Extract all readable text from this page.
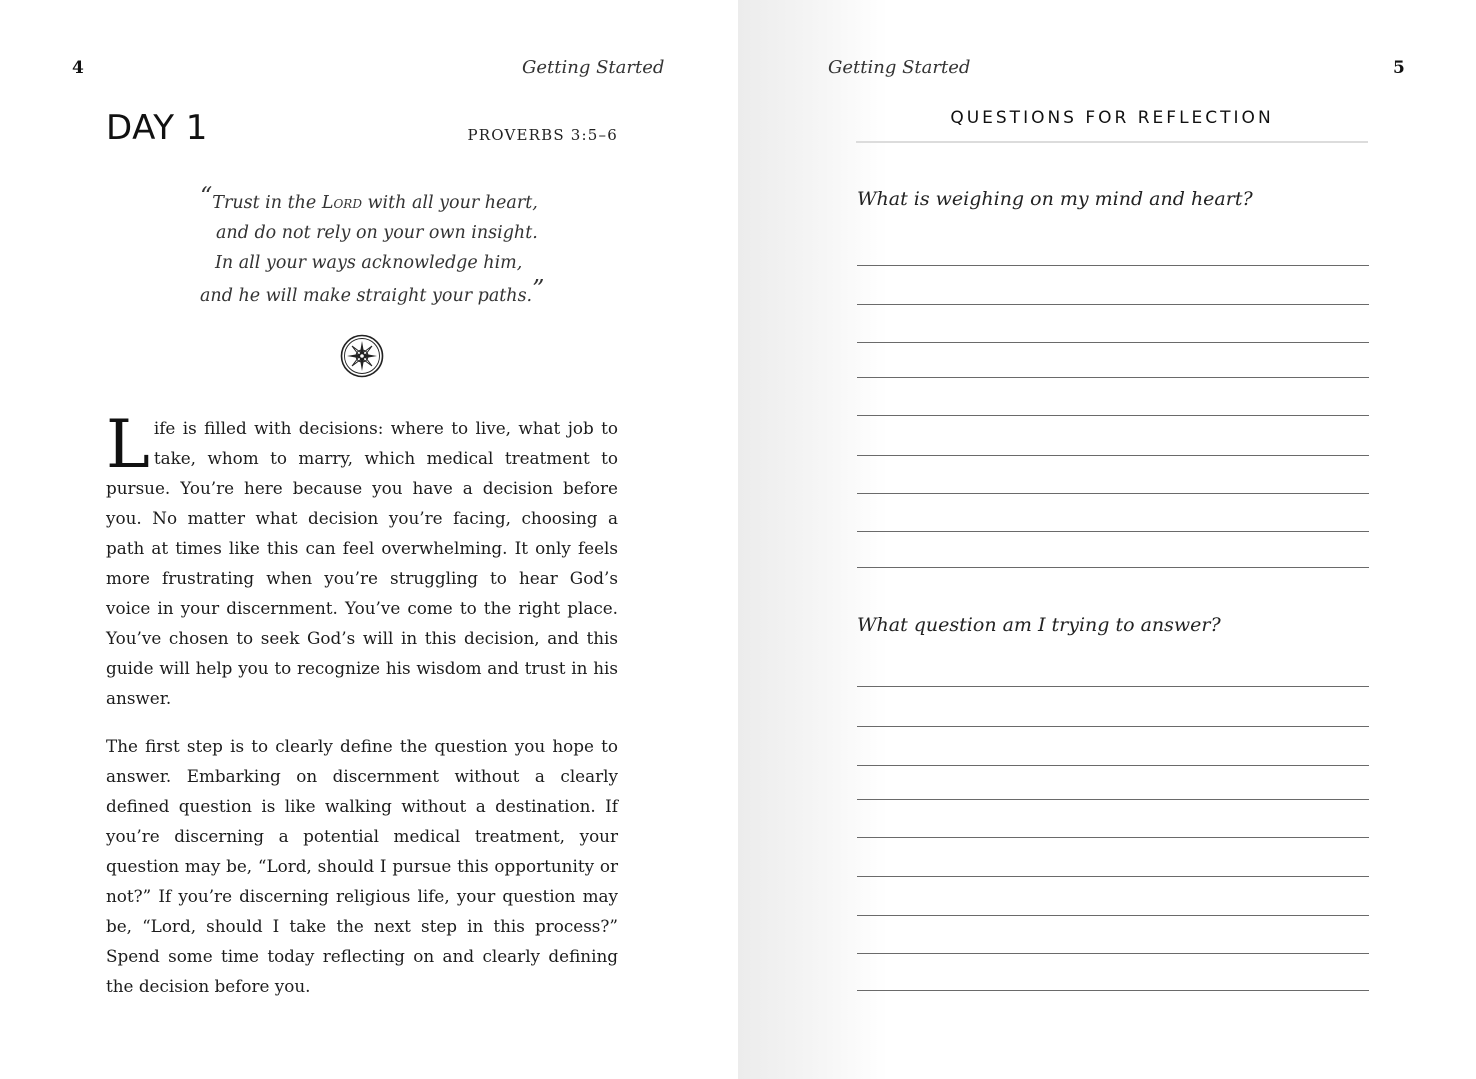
4	Getting Started
DAY 1	PROVERBS 3:5–6
“Trust in the Lord with all your heart,
and do not rely on your own insight.
In all your ways acknowledge him,
and he will make straight your paths.”
Life is filled with decisions: where to live, what job to take, whom to marry, which medical treatment to pursue. You’re here because you have a decision before you. No matter what decision you’re facing, choosing a path at times like this can feel overwhelming. It only feels more frustrating when you’re struggling to hear God’s voice in your discernment. You’ve come to the right place. You’ve chosen to seek God’s will in this decision, and this guide will help you to recognize his wisdom and trust in his answer.
The first step is to clearly define the question you hope to answer. Embarking on discernment without a clearly defined question is like walking without a destination. If you’re discerning a potential medical treatment, your question may be, “Lord, should I pursue this opportunity or not?” If you’re discerning religious life, your question may be, “Lord, should I take the next step in this process?” Spend some time today reflecting on and clearly defining the decision before you.
Getting Started	5
QUESTIONS FOR REFLECTION
What is weighing on my mind and heart?
What question am I trying to answer?
